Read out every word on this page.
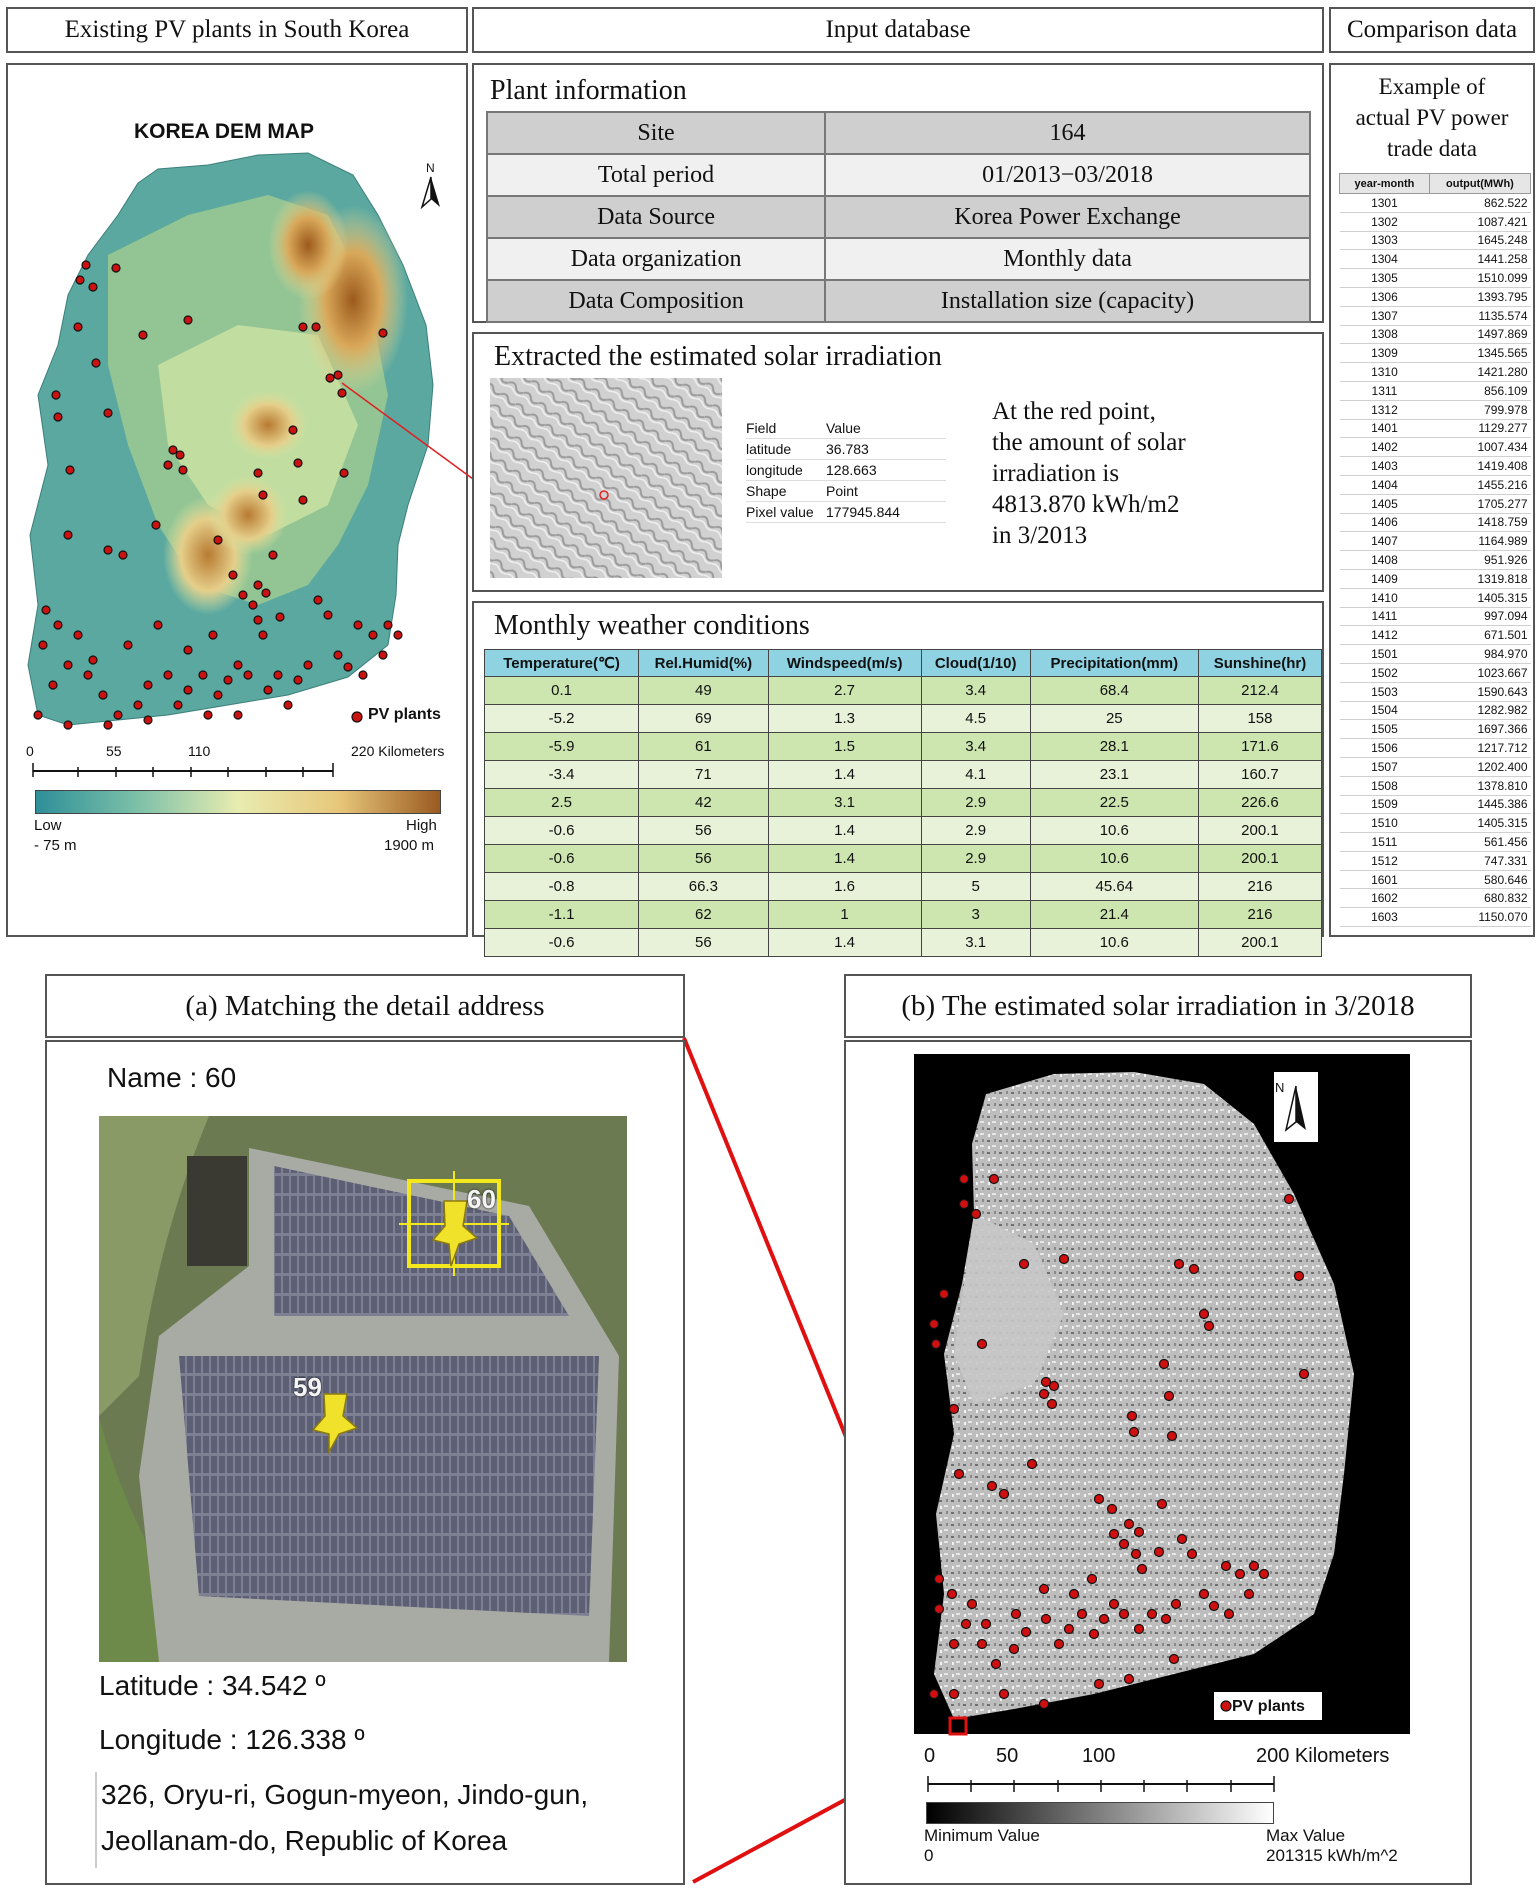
Existing PV plants in South Korea	Input database	Comparison data
KOREA DEM MAP
N
PV plants
0	55	110	220 Kilometers
Low
- 75 m
High
1900 m
Plant information
Site	164
Total period	01/2013−03/2018
Data Source	Korea Power Exchange
Data organization	Monthly data
Data Composition	Installation size (capacity)
Extracted the estimated solar irradiation
Field	Value
latitude	36.783
longitude	128.663
Shape	Point
Pixel value 177945.844
At the red point,
the amount of solar
irradiation is
4813.870 kWh/m2
in 3/2013
Monthly weather conditions
Temperature(℃)	Rel.Humid(%)	Windspeed(m/s)	Cloud(1/10)	Precipitation(mm)	Sunshine(hr)
0.1	49	2.7	3.4	68.4	212.4
-5.2	69	1.3	4.5	25	158
-5.9	61	1.5	3.4	28.1	171.6
-3.4	71	1.4	4.1	23.1	160.7
2.5	42	3.1	2.9	22.5	226.6
-0.6	56	1.4	2.9	10.6	200.1
-0.6	56	1.4	2.9	10.6	200.1
-0.8	66.3	1.6	5	45.64	216
-1.1	62	1	3	21.4	216
-0.6	56	1.4	3.1	10.6	200.1
Example of
actual PV power
trade data
year-month	output(MWh)
1301	862.522
1302	1087.421
1303	1645.248
1304	1441.258
1305	1510.099
1306	1393.795
1307	1135.574
1308	1497.869
1309	1345.565
1310	1421.280
1311	856.109
1312	799.978
1401	1129.277
1402	1007.434
1403	1419.408
1404	1455.216
1405	1705.277
1406	1418.759
1407	1164.989
1408	951.926
1409	1319.818
1410	1405.315
1411	997.094
1412	671.501
1501	984.970
1502	1023.667
1503	1590.643
1504	1282.982
1505	1697.366
1506	1217.712
1507	1202.400
1508	1378.810
1509	1445.386
1510	1405.315
1511	561.456
1512	747.331
1601	580.646
1602	680.832
1603	1150.070
(a) Matching the detail address
Name : 60
60
59
Latitude : 34.542 º
Longitude : 126.338 º
326, Oryu-ri, Gogun-myeon, Jindo-gun,
Jeollanam-do, Republic of Korea
(b) The estimated solar irradiation in 3/2018
N
PV plants
0	50	100	200 Kilometers
Minimum Value
0
Max Value
201315 kWh/m^2
